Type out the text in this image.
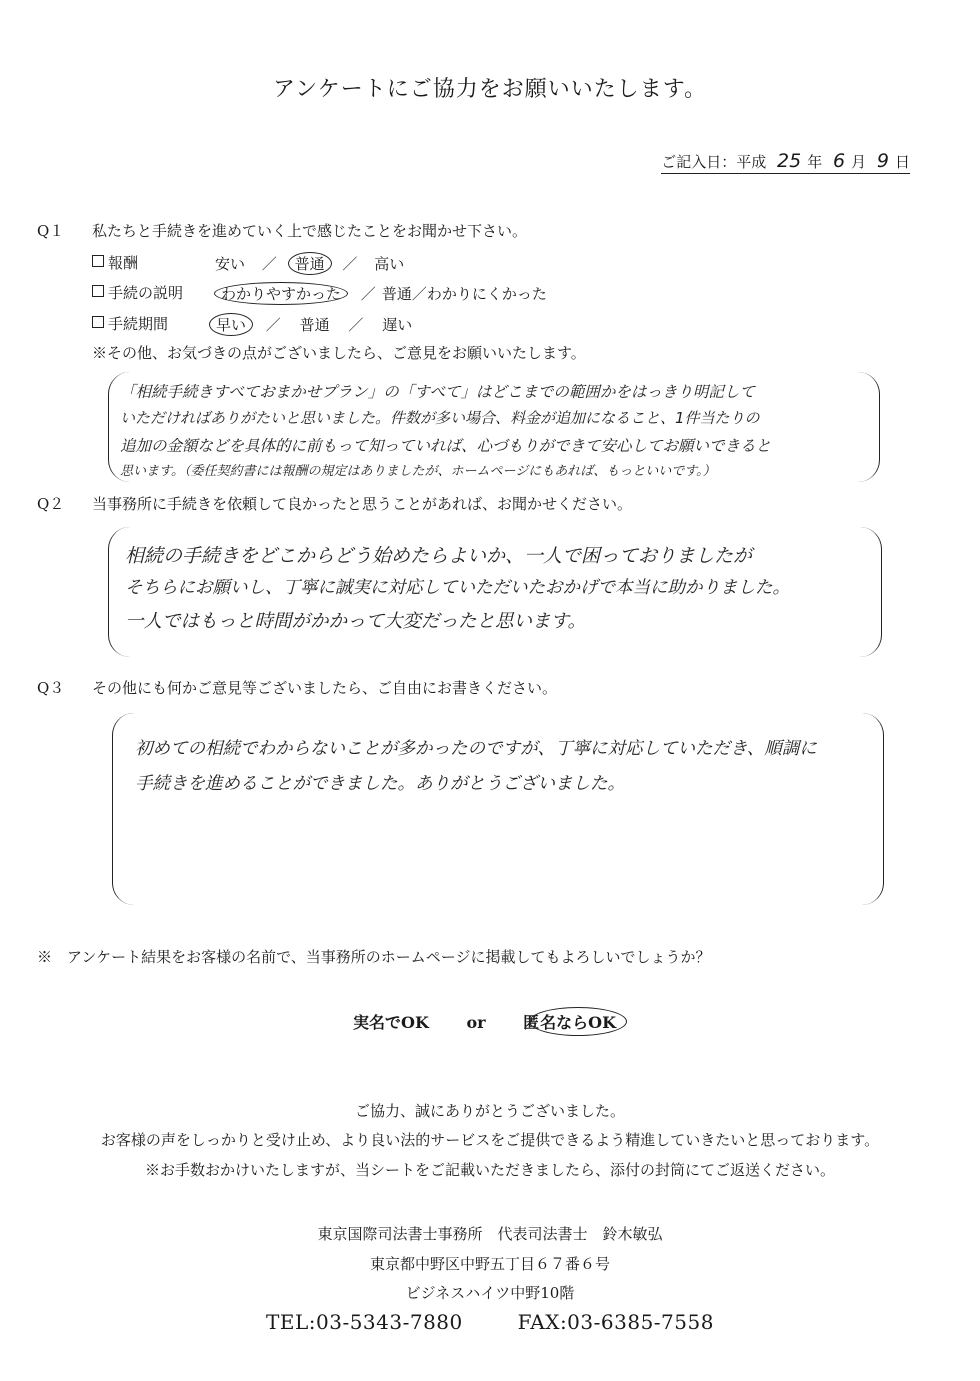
アンケートにご協力をお願いいたします。
ご記入日：平成 25 年 6 月 9 日
Q１ 私たちと手続きを進めていく上で感じたことをお聞かせ下さい。
報酬	安い ／ 普通 ／ 高い
手続の説明	わかりやすかった ／ 普通／わかりにくかった
手続期間	早い ／ 普通 ／ 遅い
※その他、お気づきの点がございましたら、ご意見をお願いいたします。
「相続手続きすべておまかせプラン」の「すべて」はどこまでの範囲かをはっきり明記して
いただければありがたいと思いました。件数が多い場合、料金が追加になること、1件当たりの
追加の金額などを具体的に前もって知っていれば、心づもりができて安心してお願いできると
思います。（委任契約書には報酬の規定はありましたが、ホームページにもあれば、もっといいです。）
Q２ 当事務所に手続きを依頼して良かったと思うことがあれば、お聞かせください。
相続の手続きをどこからどう始めたらよいか、一人で困っておりましたが
そちらにお願いし、丁寧に誠実に対応していただいたおかげで本当に助かりました。
一人ではもっと時間がかかって大変だったと思います。
Q３ その他にも何かご意見等ございましたら、ご自由にお書きください。
初めての相続でわからないことが多かったのですが、丁寧に対応していただき、順調に
手続きを進めることができました。ありがとうございました。
※　アンケート結果をお客様の名前で、当事務所のホームページに掲載してもよろしいでしょうか？
実名でOK or 匿名ならOK
ご協力、誠にありがとうございました。
お客様の声をしっかりと受け止め、より良い法的サービスをご提供できるよう精進していきたいと思っております。
※お手数おかけいたしますが、当シートをご記載いただきましたら、添付の封筒にてご返送ください。
東京国際司法書士事務所　代表司法書士　鈴木敏弘
東京都中野区中野五丁目６７番６号
ビジネスハイツ中野10階
TEL:03-5343-7880	FAX:03-6385-7558
